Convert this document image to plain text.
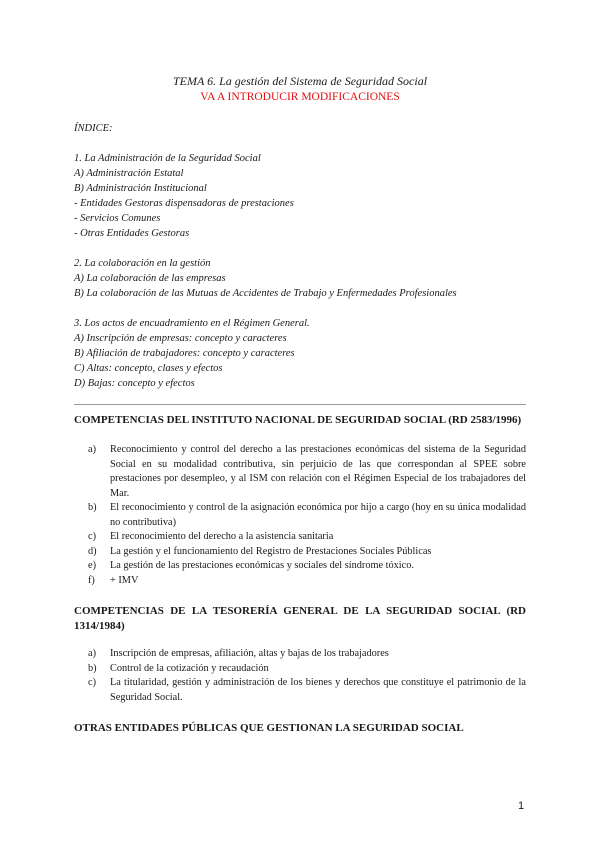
TEMA 6. La gestión del Sistema de Seguridad Social
VA A INTRODUCIR MODIFICACIONES
ÍNDICE:
1. La Administración de la Seguridad Social
A) Administración Estatal
B) Administración Institucional
- Entidades Gestoras dispensadoras de prestaciones
- Servicios Comunes
- Otras Entidades Gestoras
2. La colaboración en la gestión
A) La colaboración de las empresas
B) La colaboración de las Mutuas de Accidentes de Trabajo y Enfermedades Profesionales
3. Los actos de encuadramiento en el Régimen General.
A) Inscripción de empresas: concepto y caracteres
B) Afiliación de trabajadores: concepto y caracteres
C) Altas: concepto, clases y efectos
D) Bajas: concepto y efectos
COMPETENCIAS DEL INSTITUTO NACIONAL DE SEGURIDAD SOCIAL (RD 2583/1996)
a) Reconocimiento y control del derecho a las prestaciones económicas del sistema de la Seguridad Social en su modalidad contributiva, sin perjuicio de las que correspondan al SPEE sobre prestaciones por desempleo, y al ISM con relación con el Régimen Especial de los trabajadores del Mar.
b) El reconocimiento y control de la asignación económica por hijo a cargo (hoy en su única modalidad no contributiva)
c) El reconocimiento del derecho a la asistencia sanitaria
d) La gestión y el funcionamiento del Registro de Prestaciones Sociales Públicas
e) La gestión de las prestaciones económicas y sociales del síndrome tóxico.
f) + IMV
COMPETENCIAS DE LA TESORERÍA GENERAL DE LA SEGURIDAD SOCIAL (RD 1314/1984)
a) Inscripción de empresas, afiliación, altas y bajas de los trabajadores
b) Control de la cotización y recaudación
c) La titularidad, gestión y administración de los bienes y derechos que constituye el patrimonio de la Seguridad Social.
OTRAS ENTIDADES PÚBLICAS QUE GESTIONAN LA SEGURIDAD SOCIAL
1
